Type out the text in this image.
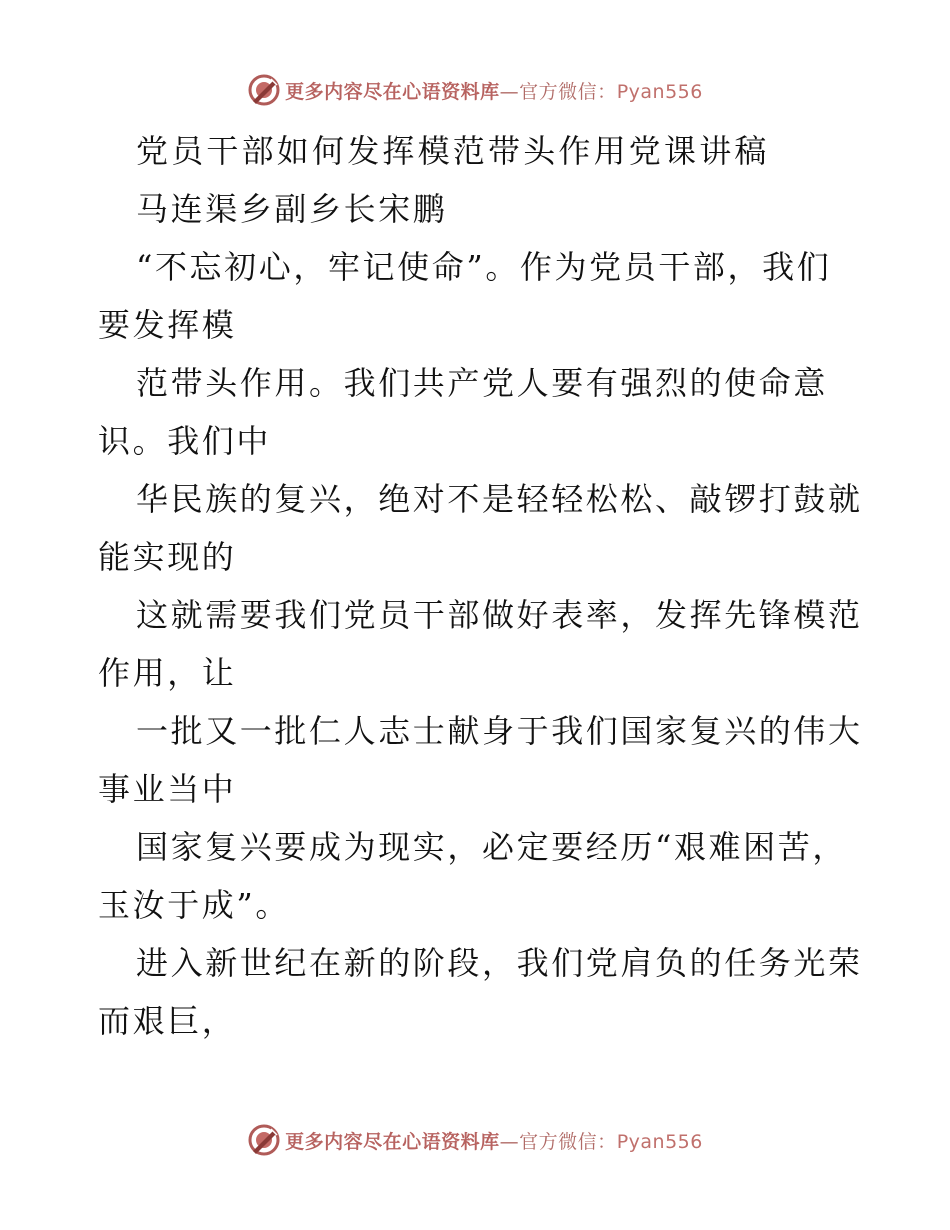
更多内容尽在心语资料库—官方微信：Pyan556

党员干部如何发挥模范带头作用党课讲稿

马连渠乡副乡长宋鹏

“不忘初心，牢记使命”。作为党员干部，我们

要发挥模

范带头作用。我们共产党人要有强烈的使命意

识。我们中

华民族的复兴，绝对不是轻轻松松、敲锣打鼓就

能实现的

这就需要我们党员干部做好表率，发挥先锋模范

作用，让

一批又一批仁人志士献身于我们国家复兴的伟大

事业当中

国家复兴要成为现实，必定要经历“艰难困苦，

玉汝于成”。

进入新世纪在新的阶段，我们党肩负的任务光荣

而艰巨，

更多内容尽在心语资料库—官方微信：Pyan556
